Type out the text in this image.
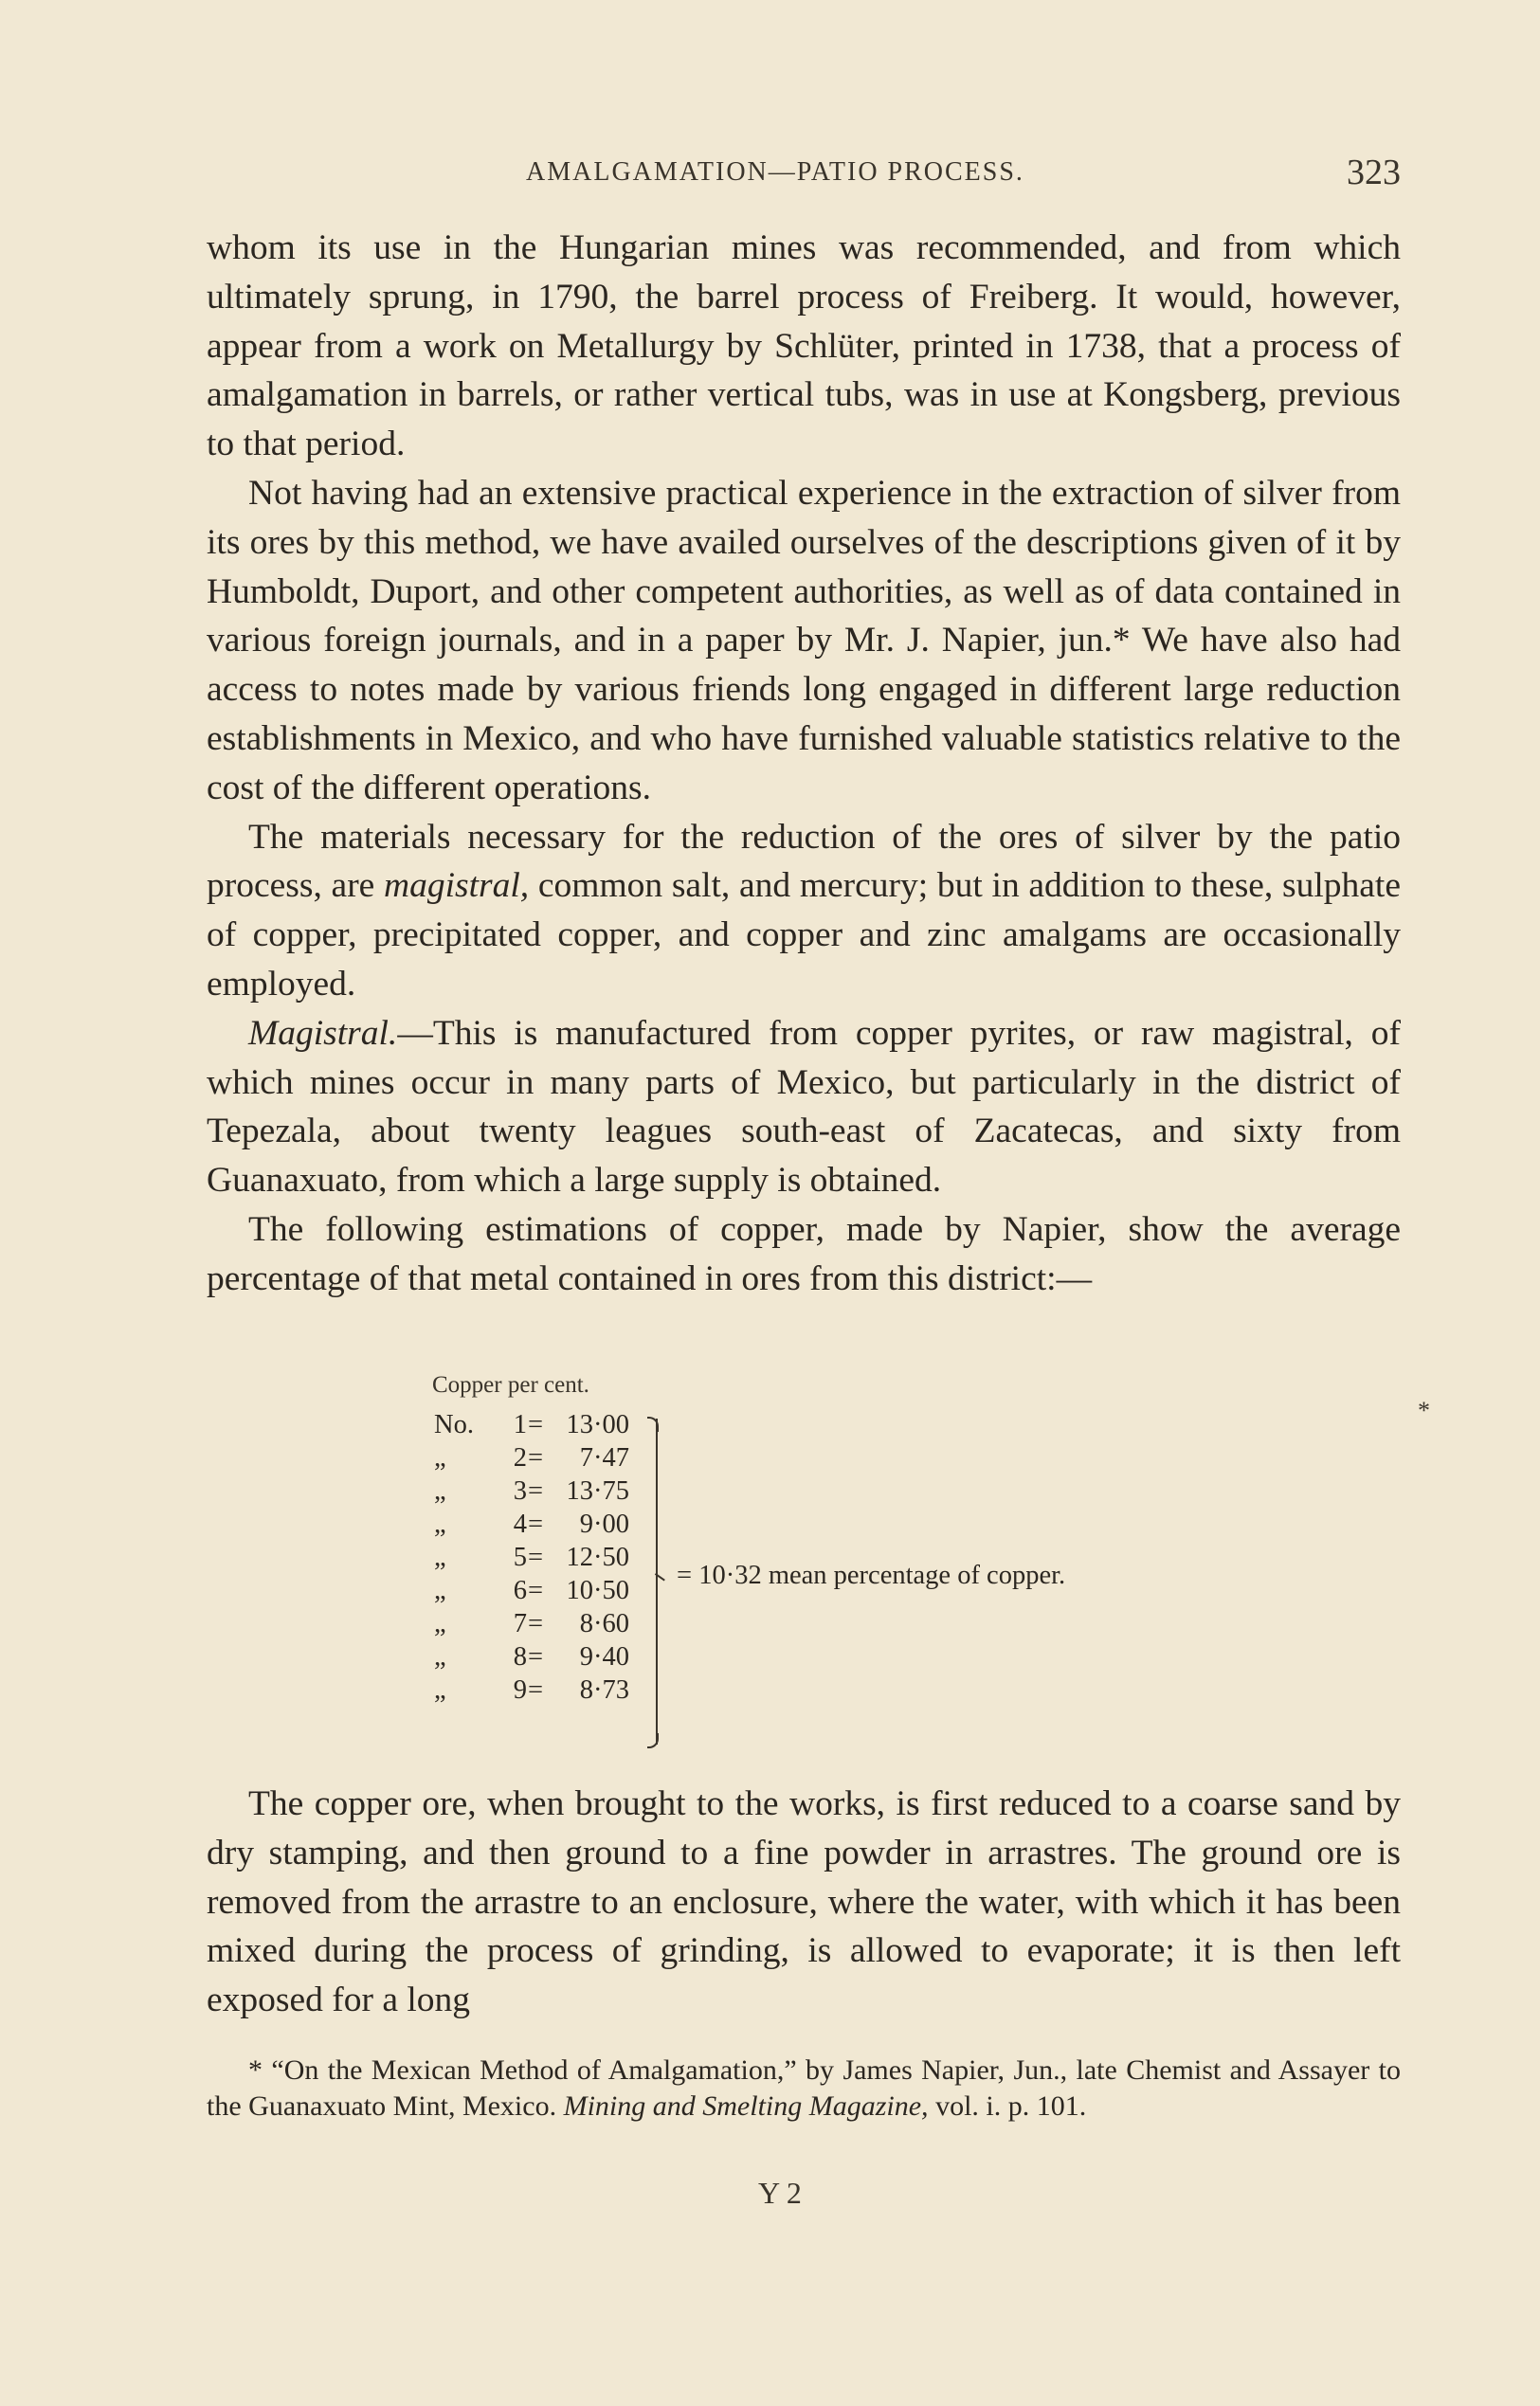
AMALGAMATION—PATIO PROCESS.	323

whom its use in the Hungarian mines was recommended, and from which ultimately sprung, in 1790, the barrel process of Freiberg. It would, however, appear from a work on Metallurgy by Schlüter, printed in 1738, that a process of amalgamation in barrels, or rather vertical tubs, was in use at Kongsberg, previous to that period.

Not having had an extensive practical experience in the extraction of silver from its ores by this method, we have availed ourselves of the descriptions given of it by Humboldt, Duport, and other competent authorities, as well as of data contained in various foreign journals, and in a paper by Mr. J. Napier, jun.* We have also had access to notes made by various friends long engaged in different large reduction establishments in Mexico, and who have furnished valuable statistics relative to the cost of the different operations.

The materials necessary for the reduction of the ores of silver by the patio process, are magistral, common salt, and mercury; but in addition to these, sulphate of copper, precipitated copper, and copper and zinc amalgams are occasionally employed.

Magistral.—This is manufactured from copper pyrites, or raw magistral, of which mines occur in many parts of Mexico, but particularly in the district of Tepezala, about twenty leagues south-east of Zacatecas, and sixty from Guanaxuato, from which a large supply is obtained.

The following estimations of copper, made by Napier, show the average percentage of that metal contained in ores from this district:—

Copper per cent.
No.	1 = 13·00
„	2 =	7·47
„	3 = 13·75
„	4 =	9·00
„	5 = 12·50
„	6 = 10·50
„	7 =	8·60
„	8 =	9·40
„	9 =	8·73
= 10·32 mean percentage of copper.
*

The copper ore, when brought to the works, is first reduced to a coarse sand by dry stamping, and then ground to a fine powder in arrastres. The ground ore is removed from the arrastre to an enclosure, where the water, with which it has been mixed during the process of grinding, is allowed to evaporate; it is then left exposed for a long

* “On the Mexican Method of Amalgamation,” by James Napier, Jun., late Chemist and Assayer to the Guanaxuato Mint, Mexico. Mining and Smelting Magazine, vol. i. p. 101.

Y 2
